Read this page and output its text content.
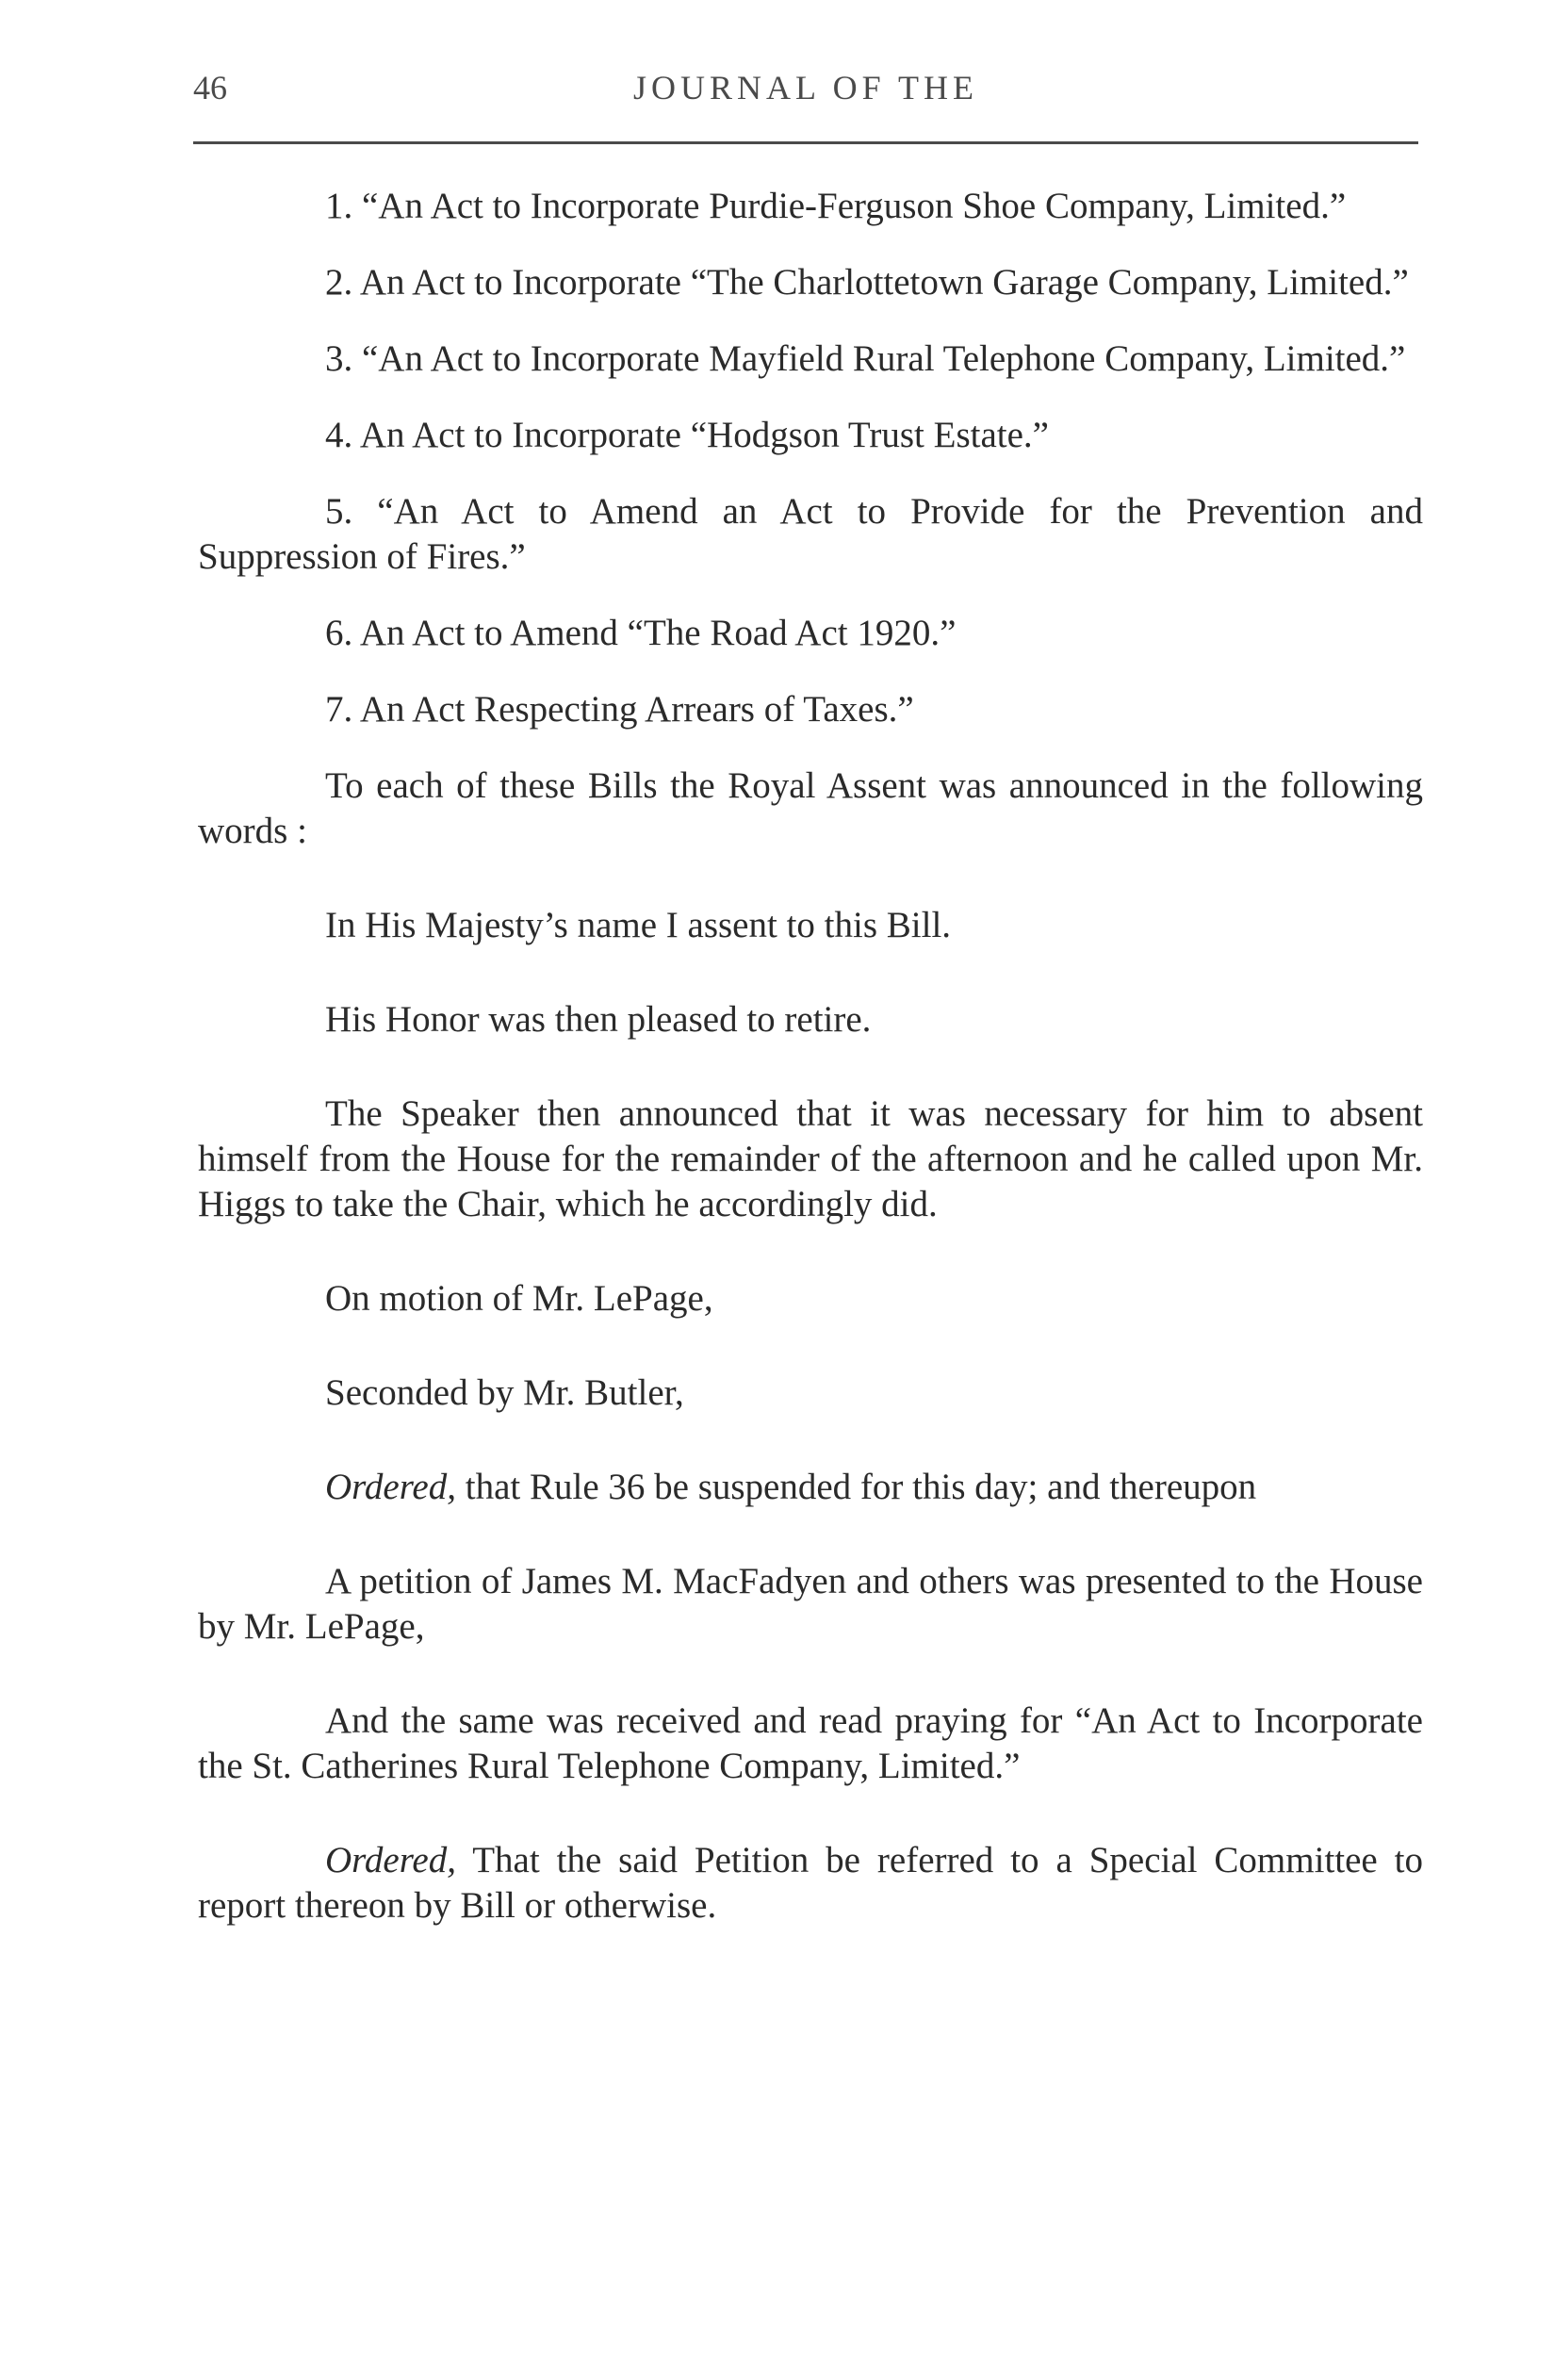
46	JOURNAL OF THE

1. “An Act to Incorporate Purdie-Ferguson Shoe Company, Limited.”

2. An Act to Incorporate “The Charlottetown Garage Company, Limited.”

3. “An Act to Incorporate Mayfield Rural Telephone Company, Limited.”

4. An Act to Incorporate “Hodgson Trust Estate.”

5. “An Act to Amend an Act to Provide for the Prevention and Suppression of Fires.”

6. An Act to Amend “The Road Act 1920.”

7. An Act Respecting Arrears of Taxes.”

To each of these Bills the Royal Assent was announced in the following words :

In His Majesty’s name I assent to this Bill.

His Honor was then pleased to retire.

The Speaker then announced that it was necessary for him to absent himself from the House for the remainder of the afternoon and he called upon Mr. Higgs to take the Chair, which he accordingly did.

On motion of Mr. LePage,

Seconded by Mr. Butler,

Ordered, that Rule 36 be suspended for this day; and thereupon

A petition of James M. MacFadyen and others was presented to the House by Mr. LePage,

And the same was received and read praying for “An Act to Incorporate the St. Catherines Rural Telephone Company, Limited.”

Ordered, That the said Petition be referred to a Special Committee to report thereon by Bill or otherwise.
